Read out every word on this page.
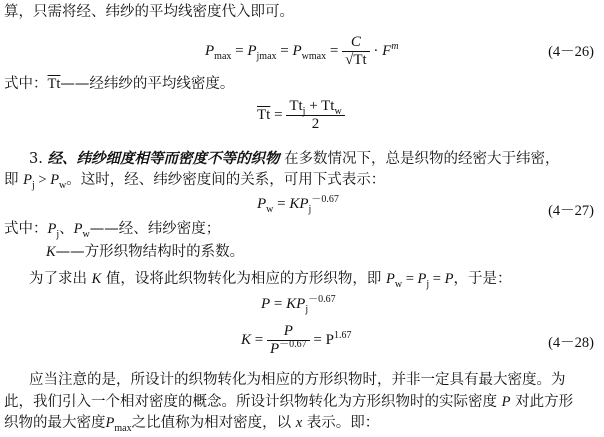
算，只需将经、纬纱的平均线密度代入即可。
$P_{max} = P_{jmax} = P_{wmax} = \frac{C}{√Tt} \cdot F^m$	(4－26)
式中：$\overline{Tt}——$经纬纱的平均线密度。
$\overline{Tt} = \frac{Tt_j + Tt_w}{2}$
3. 经、纬纱细度相等而密度不等的织物 在多数情况下，总是织物的经密大于纬密，
即 $P_j > P_w$。这时，经、纬纱密度间的关系，可用下式表示：
$P_w = KP_j^{-0.67}$
(4－27)
式中：$P_j$、$P_w——$经、纬纱密度；
K——方形织物结构时的系数。
为了求出 K 值，设将此织物转化为相应的方形织物，即 $P_w = P_j = P$，于是：
$P = KP_j^{-0.67}$
$K = \frac{P}{P^{-0.67}} = P^{1.67}$	(4－28)
应当注意的是，所设计的织物转化为相应的方形织物时，并非一定具有最大密度。为
此，我们引入一个相对密度的概念。所设计织物转化为方形织物时的实际密度 P 对此方形
织物的最大密度$P_{max}$之比值称为相对密度，以 x 表示。即：
